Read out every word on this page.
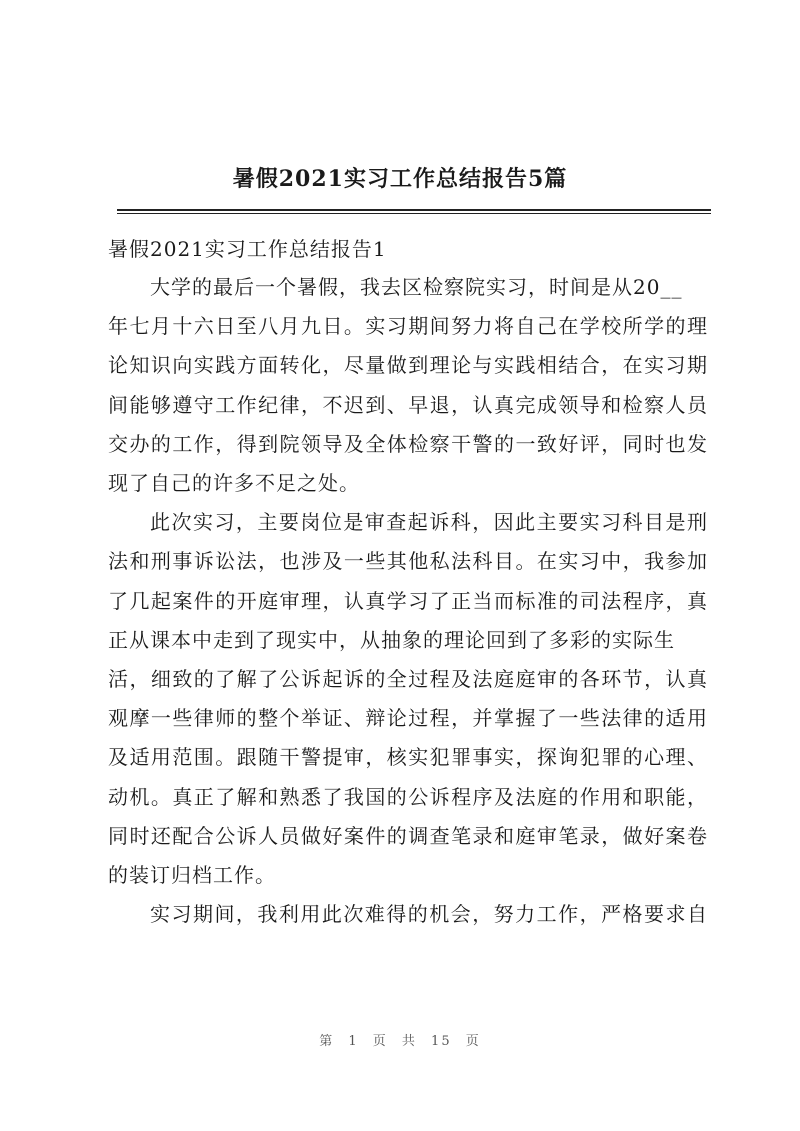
暑假2021实习工作总结报告5篇
暑假2021实习工作总结报告1
大学的最后一个暑假，我去区检察院实习，时间是从20__
年七月十六日至八月九日。实习期间努力将自己在学校所学的理
论知识向实践方面转化，尽量做到理论与实践相结合，在实习期
间能够遵守工作纪律，不迟到、早退，认真完成领导和检察人员
交办的工作，得到院领导及全体检察干警的一致好评，同时也发
现了自己的许多不足之处。
此次实习，主要岗位是审查起诉科，因此主要实习科目是刑
法和刑事诉讼法，也涉及一些其他私法科目。在实习中，我参加
了几起案件的开庭审理，认真学习了正当而标准的司法程序，真
正从课本中走到了现实中，从抽象的理论回到了多彩的实际生
活，细致的了解了公诉起诉的全过程及法庭庭审的各环节，认真
观摩一些律师的整个举证、辩论过程，并掌握了一些法律的适用
及适用范围。跟随干警提审，核实犯罪事实，探询犯罪的心理、
动机。真正了解和熟悉了我国的公诉程序及法庭的作用和职能，
同时还配合公诉人员做好案件的调查笔录和庭审笔录，做好案卷
的装订归档工作。
实习期间，我利用此次难得的机会，努力工作，严格要求自
第 1 页 共 15 页
